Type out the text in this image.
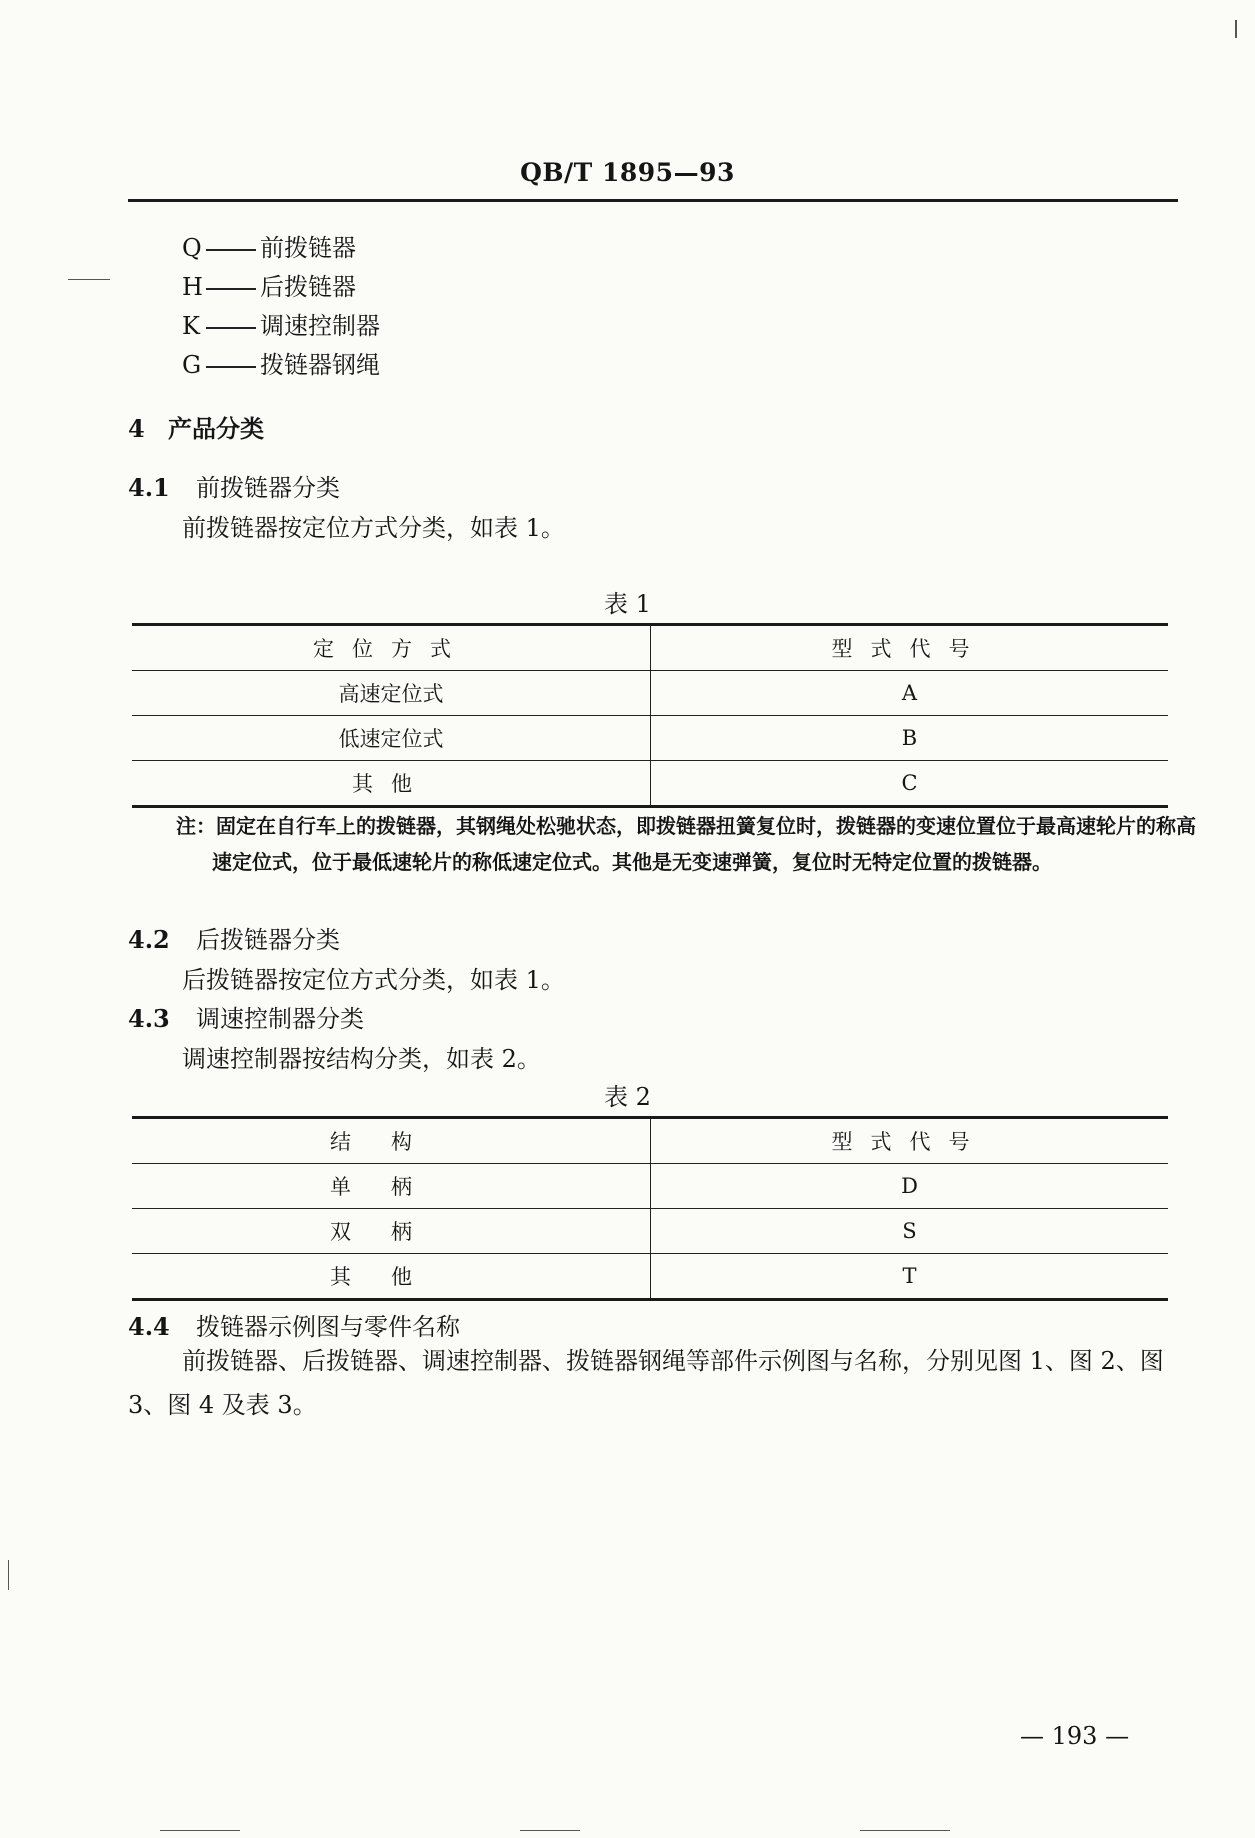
QB/T 1895—93
Q 前拨链器
H 后拨链器
K	调速控制器
G 拨链器钢绳
4 产品分类
4.1 前拨链器分类
前拨链器按定位方式分类，如表 1。
表 1
定位方式	型式代号
高速定位式	A
低速定位式	B
其他	C
注：固定在自行车上的拨链器，其钢绳处松驰状态，即拨链器扭簧复位时，拨链器的变速位置位于最高速轮片的称高速定位式，位于最低速轮片的称低速定位式。其他是无变速弹簧，复位时无特定位置的拨链器。
4.2 后拨链器分类
后拨链器按定位方式分类，如表 1。
4.3 调速控制器分类
调速控制器按结构分类，如表 2。
表 2
结构	型式代号
单柄	D
双柄	S
其他	T
4.4 拨链器示例图与零件名称
前拨链器、后拨链器、调速控制器、拨链器钢绳等部件示例图与名称，分别见图 1、图 2、图 3、图 4 及表 3。
— 193 —
